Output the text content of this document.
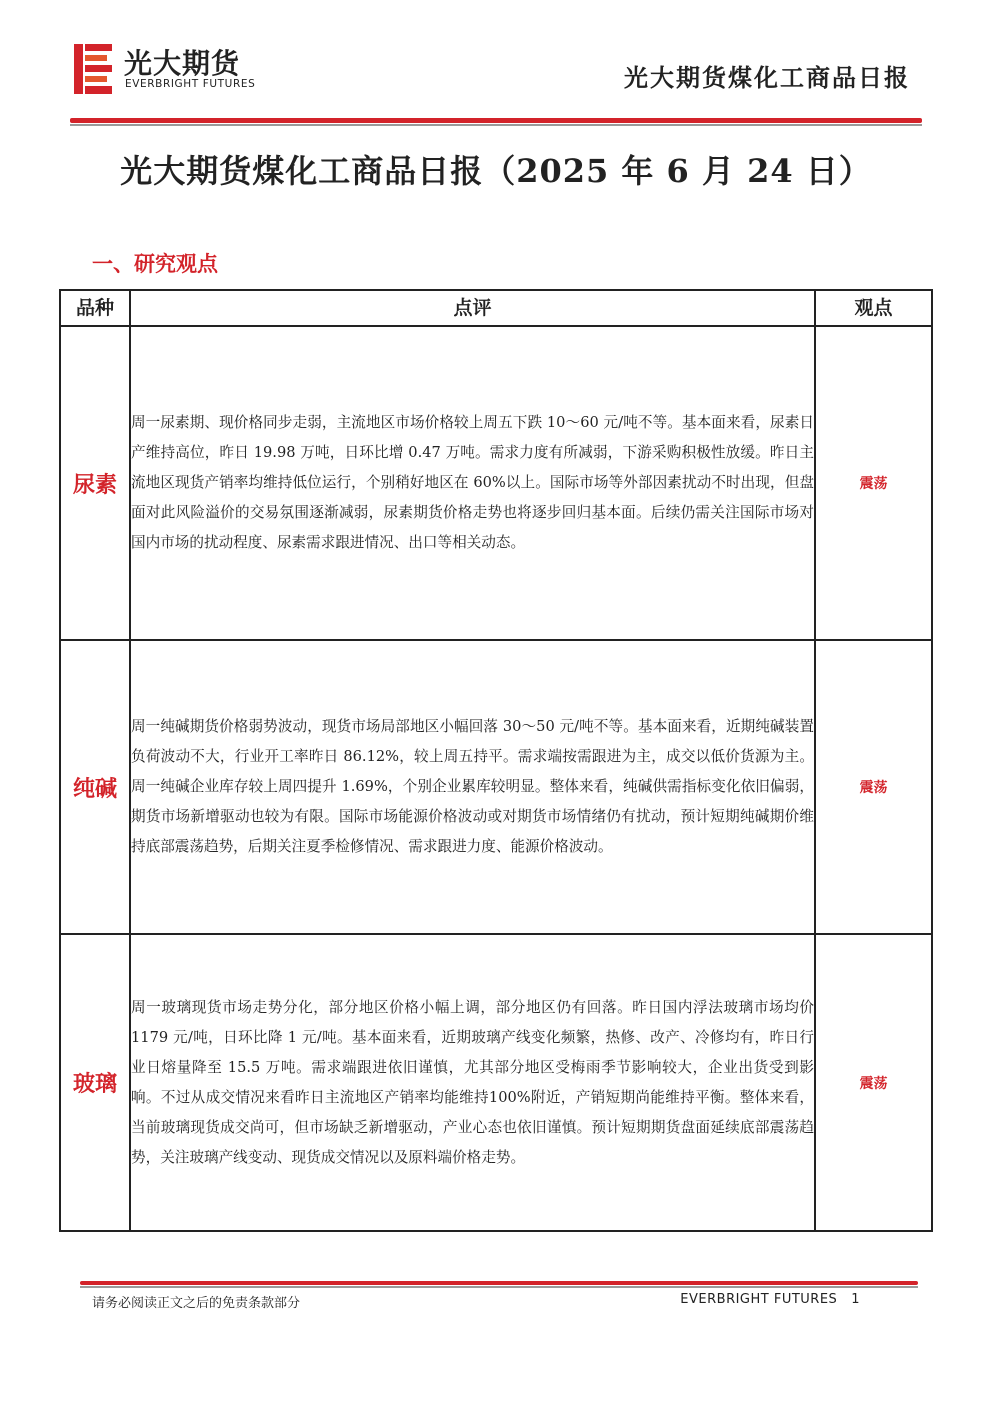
光大期货
EVERBRIGHT FUTURES	光大期货煤化工商品日报
光大期货煤化工商品日报（2025 年 6 月 24 日）
一、研究观点
品种	点评	观点

尿素	周一尿素期、现价格同步走弱，主流地区市场价格较上周五下跌 10～60 元/吨不等。基本面来看，尿素日产维持高位，昨日 19.98 万吨，日环比增 0.47 万吨。需求力度有所减弱，下游采购积极性放缓。昨日主流地区现货产销率均维持低位运行，个别稍好地区在 60%以上。国际市场等外部因素扰动不时出现，但盘面对此风险溢价的交易氛围逐渐减弱，尿素期货价格走势也将逐步回归基本面。后续仍需关注国际市场对国内市场的扰动程度、尿素需求跟进情况、出口等相关动态。	震荡
纯碱	周一纯碱期货价格弱势波动，现货市场局部地区小幅回落 30～50 元/吨不等。基本面来看，近期纯碱装置负荷波动不大，行业开工率昨日 86.12%，较上周五持平。需求端按需跟进为主，成交以低价货源为主。周一纯碱企业库存较上周四提升 1.69%，个别企业累库较明显。整体来看，纯碱供需指标变化依旧偏弱，期货市场新增驱动也较为有限。国际市场能源价格波动或对期货市场情绪仍有扰动，预计短期纯碱期价维持底部震荡趋势，后期关注夏季检修情况、需求跟进力度、能源价格波动。	震荡
玻璃	周一玻璃现货市场走势分化，部分地区价格小幅上调，部分地区仍有回落。昨日国内浮法玻璃市场均价 1179 元/吨，日环比降 1 元/吨。基本面来看，近期玻璃产线变化频繁，热修、改产、冷修均有，昨日行业日熔量降至 15.5 万吨。需求端跟进依旧谨慎，尤其部分地区受梅雨季节影响较大，企业出货受到影响。不过从成交情况来看昨日主流地区产销率均能维持100%附近，产销短期尚能维持平衡。整体来看，当前玻璃现货成交尚可，但市场缺乏新增驱动，产业心态也依旧谨慎。预计短期期货盘面延续底部震荡趋势，关注玻璃产线变动、现货成交情况以及原料端价格走势。	震荡
请务必阅读正文之后的免责条款部分	EVERBRIGHT FUTURES 1
